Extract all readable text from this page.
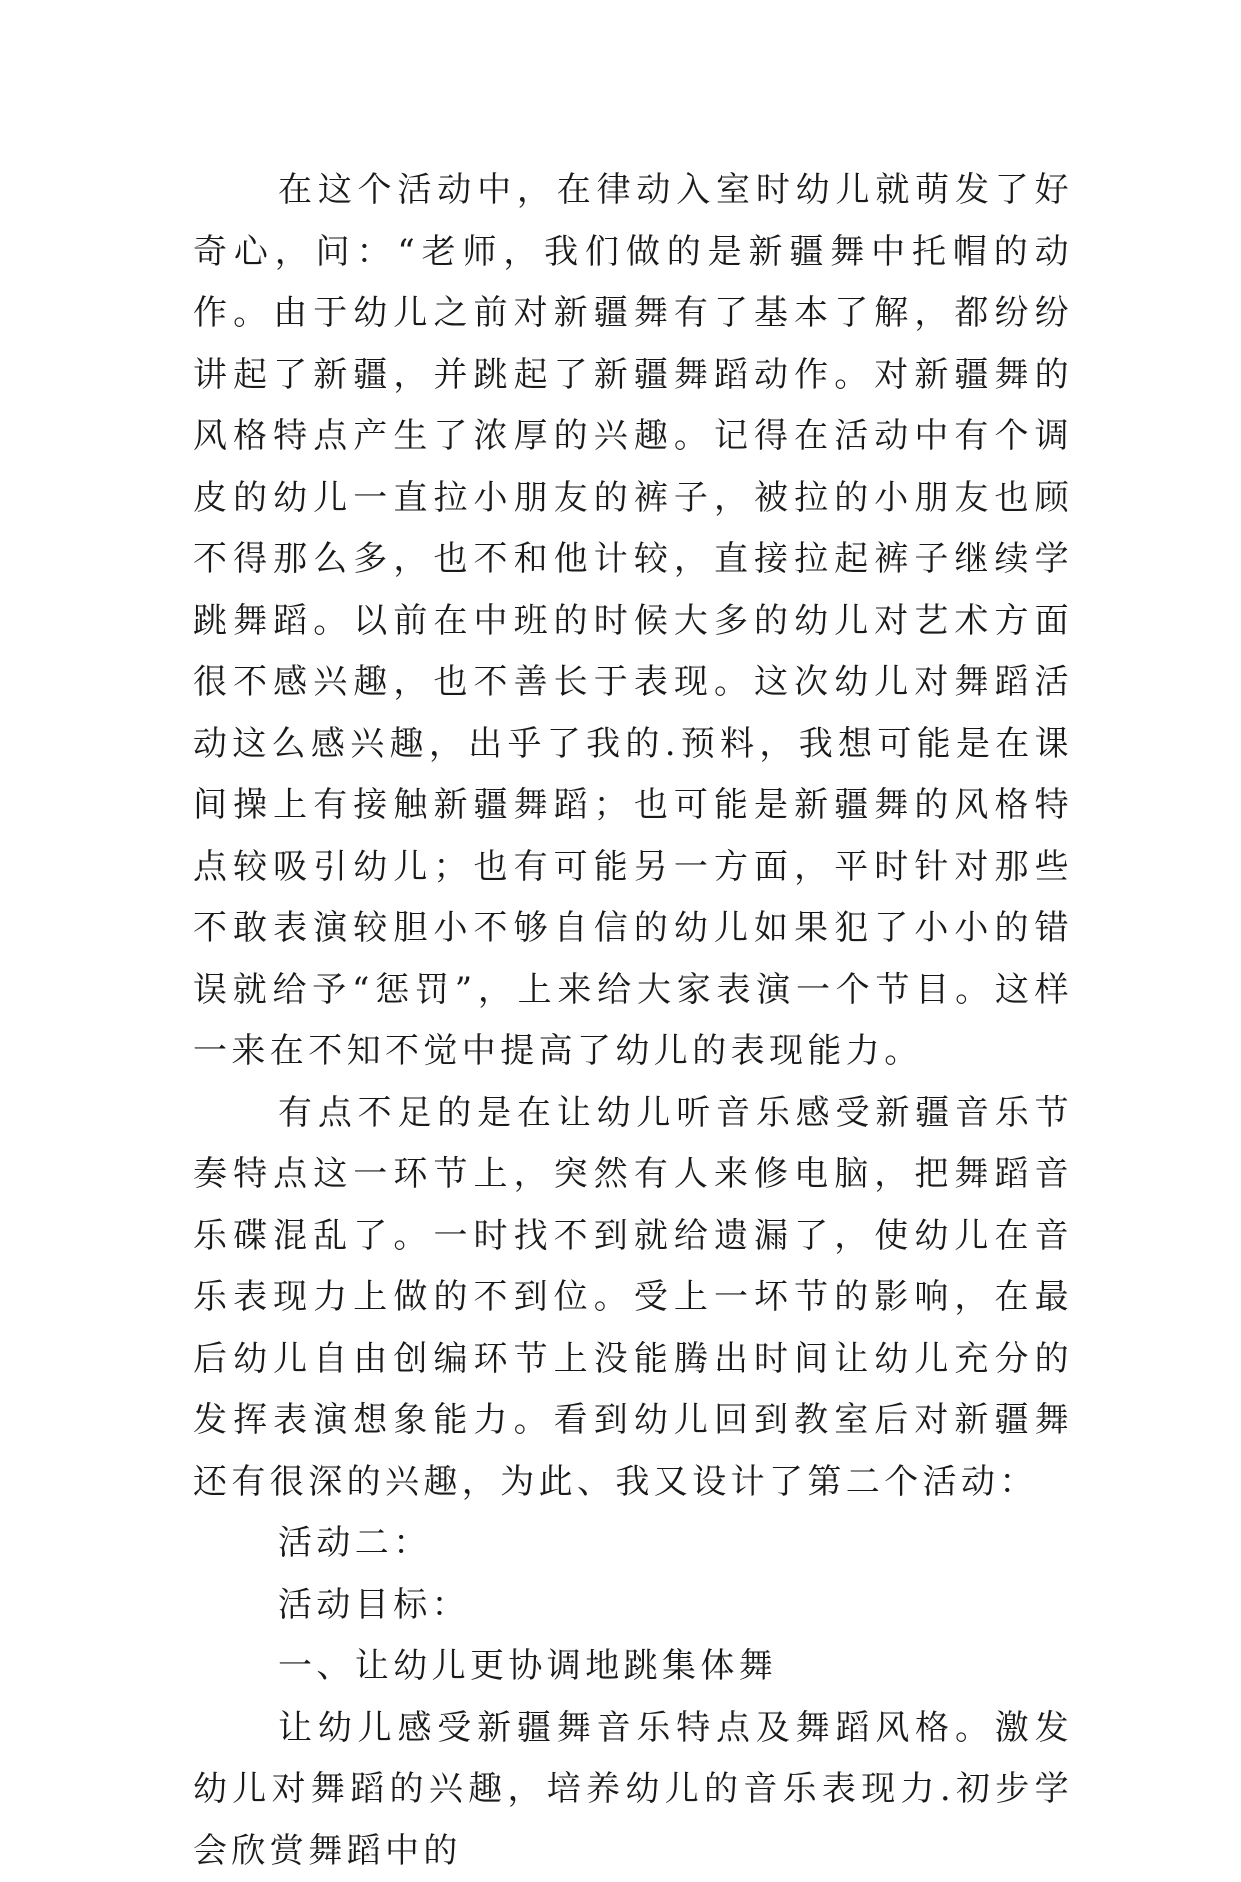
在这个活动中，在律动入室时幼儿就萌发了好奇心，问：“老师，我们做的是新疆舞中托帽的动作。由于幼儿之前对新疆舞有了基本了解，都纷纷讲起了新疆，并跳起了新疆舞蹈动作。对新疆舞的风格特点产生了浓厚的兴趣。记得在活动中有个调皮的幼儿一直拉小朋友的裤子，被拉的小朋友也顾不得那么多，也不和他计较，直接拉起裤子继续学跳舞蹈。以前在中班的时候大多的幼儿对艺术方面很不感兴趣，也不善长于表现。这次幼儿对舞蹈活动这么感兴趣，出乎了我的.预料，我想可能是在课间操上有接触新疆舞蹈；也可能是新疆舞的风格特点较吸引幼儿；也有可能另一方面，平时针对那些不敢表演较胆小不够自信的幼儿如果犯了小小的错误就给予“惩罚”，上来给大家表演一个节目。这样一来在不知不觉中提高了幼儿的表现能力。

有点不足的是在让幼儿听音乐感受新疆音乐节奏特点这一环节上，突然有人来修电脑，把舞蹈音乐碟混乱了。一时找不到就给遗漏了，使幼儿在音乐表现力上做的不到位。受上一坏节的影响，在最后幼儿自由创编环节上没能腾出时间让幼儿充分的发挥表演想象能力。看到幼儿回到教室后对新疆舞还有很深的兴趣，为此、我又设计了第二个活动：

活动二：

活动目标：

一、让幼儿更协调地跳集体舞

让幼儿感受新疆舞音乐特点及舞蹈风格。激发幼儿对舞蹈的兴趣，培养幼儿的音乐表现力.初步学会欣赏舞蹈中的
